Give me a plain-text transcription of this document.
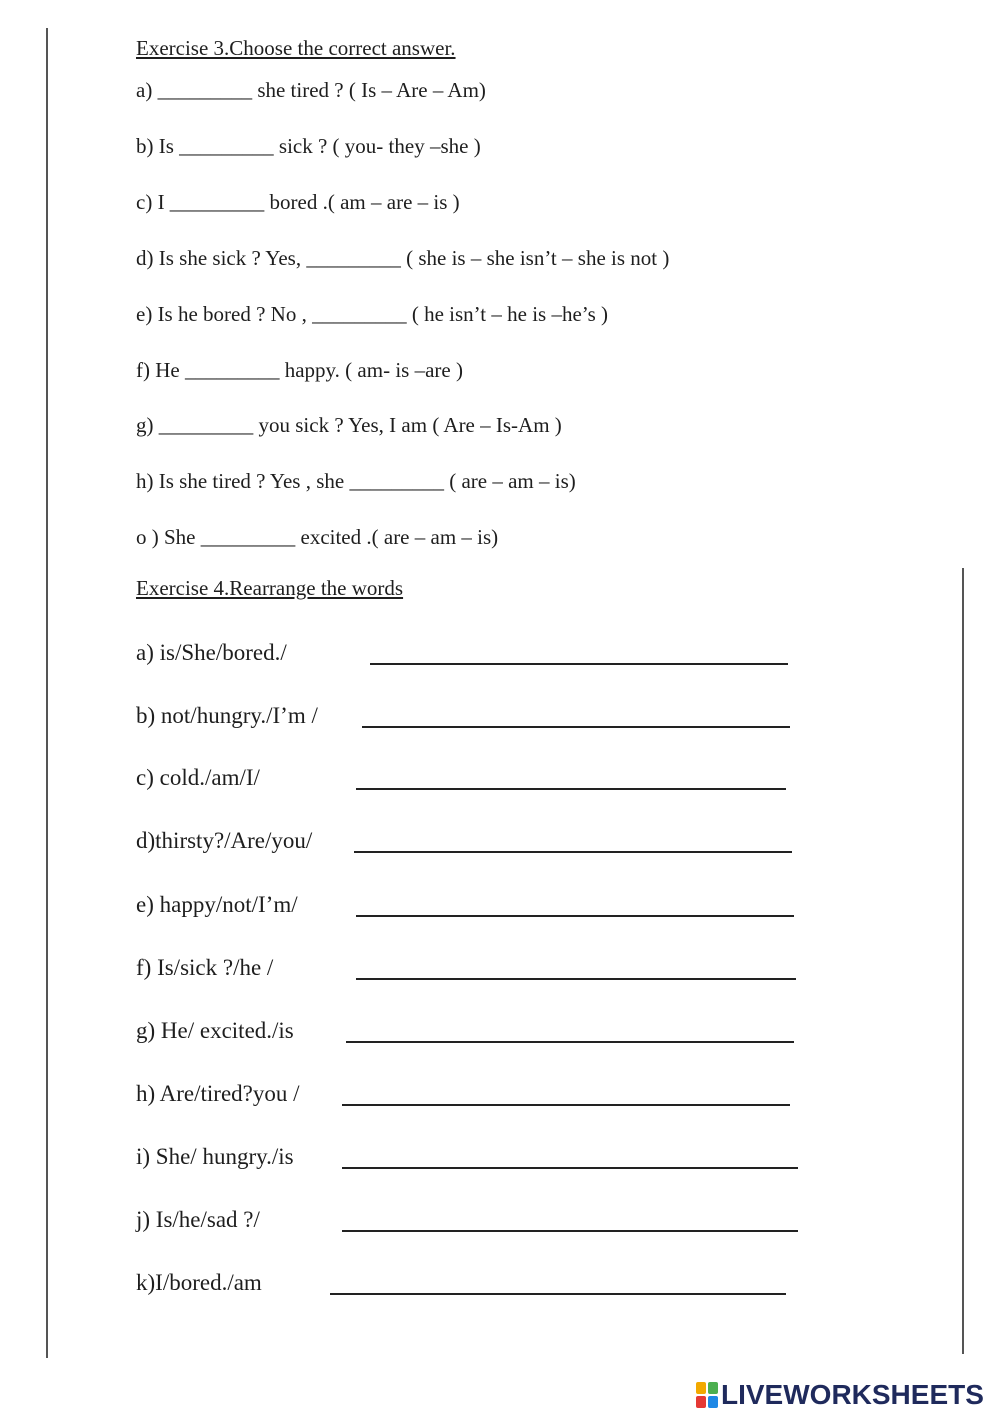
Exercise 3.Choose the correct answer.
a) _________ she tired ? ( Is – Are – Am)
b) Is _________ sick ? ( you- they –she )
c) I _________ bored .( am – are – is )
d) Is she sick ? Yes, _________ ( she is – she isn’t – she is not )
e) Is he bored ? No , _________ ( he isn’t – he is –he’s )
f) He _________ happy. ( am- is –are )
g) _________ you sick ? Yes, I am ( Are – Is-Am )
h) Is she tired ? Yes , she _________ ( are – am – is)
o ) She _________ excited .( are – am – is)
Exercise 4.Rearrange the words
a) is/She/bored./
b) not/hungry./I’m /
c) cold./am/I/
d)thirsty?/Are/you/
e) happy/not/I’m/
f) Is/sick ?/he /
g) He/ excited./is
h) Are/tired?you /
i) She/ hungry./is
j) Is/he/sad ?/
k)I/bored./am
LIVEWORKSHEETS
